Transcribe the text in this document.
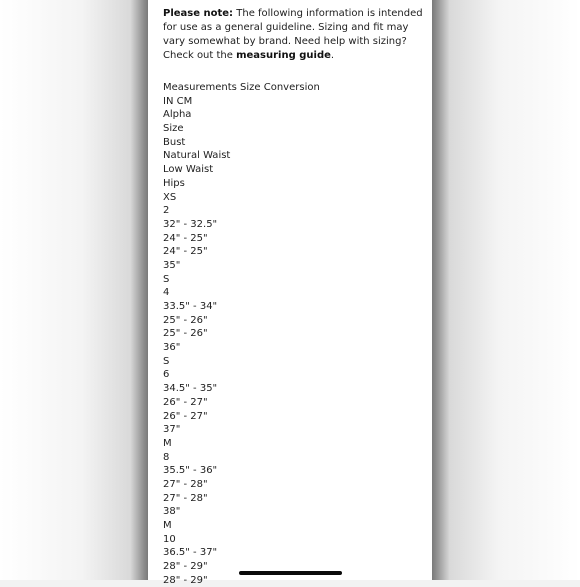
Please note: The following information is intended for use as a general guideline. Sizing and fit may vary somewhat by brand. Need help with sizing? Check out the measuring guide.

Measurements Size Conversion
IN CM
Alpha
Size
Bust
Natural Waist
Low Waist
Hips
XS
2
32" - 32.5"
24" - 25"
24" - 25"
35"
S
4
33.5" - 34"
25" - 26"
25" - 26"
36"
S
6
34.5" - 35"
26" - 27"
26" - 27"
37"
M
8
35.5" - 36"
27" - 28"
27" - 28"
38"
M
10
36.5" - 37"
28" - 29"
28" - 29"
